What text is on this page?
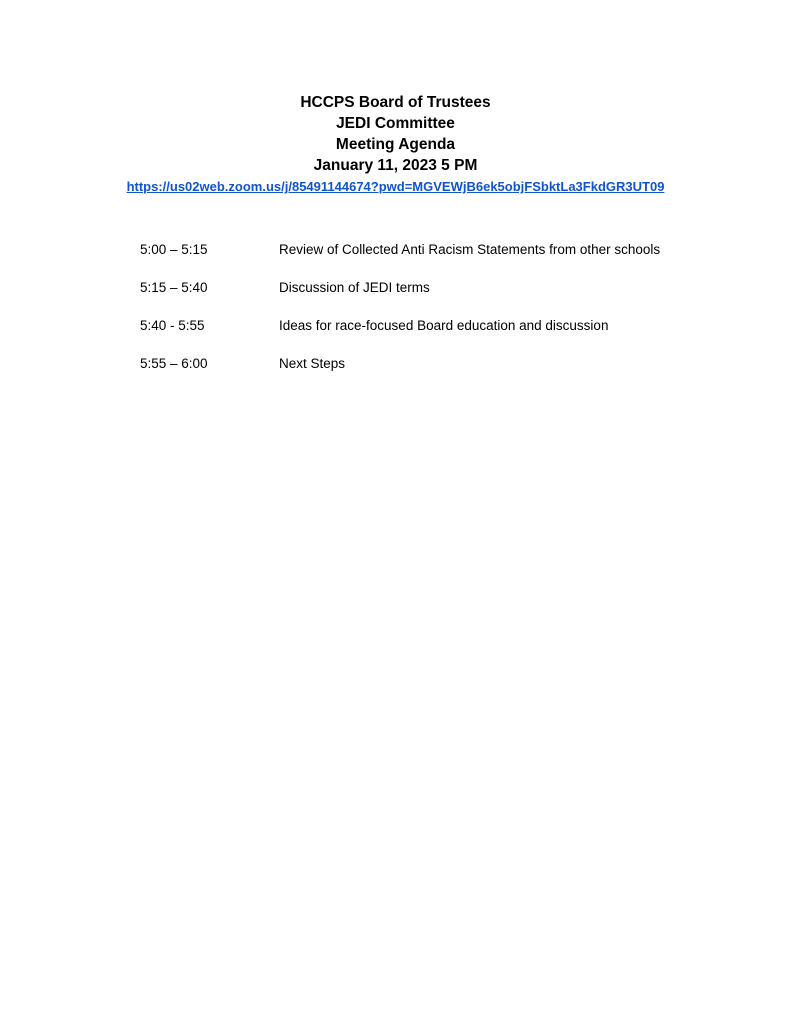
HCCPS Board of Trustees

JEDI Committee

Meeting Agenda

January 11, 2023 5 PM

https://us02web.zoom.us/j/85491144674?pwd=MGVEWjB6ek5objFSbktLa3FkdGR3UT09
5:00 – 5:15	Review of Collected Anti Racism Statements from other schools
5:15 – 5:40	Discussion of JEDI terms
5:40 - 5:55	Ideas for race-focused Board education and discussion
5:55 – 6:00	Next Steps
